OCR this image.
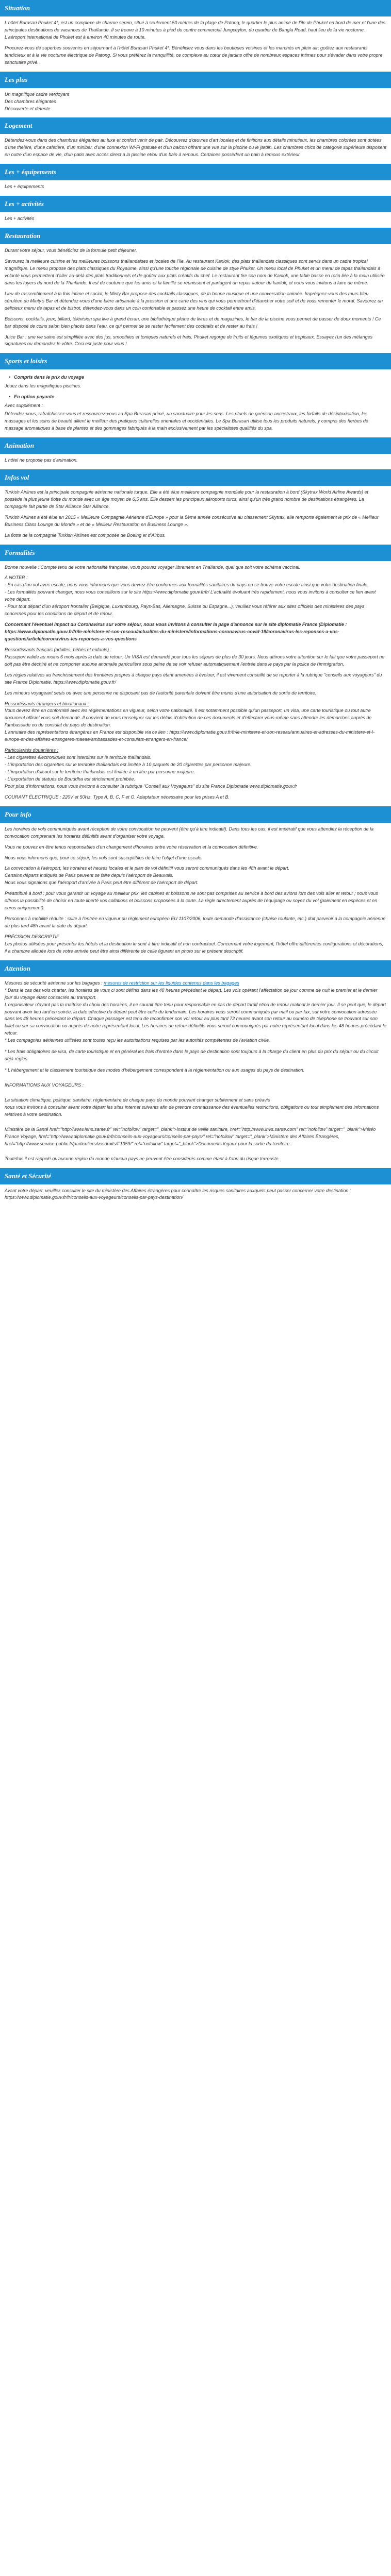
Situation

L'hôtel Burasari Phuket 4*, est un complexe de charme serein, situé à seulement 50 mètres de la plage de Patong, le quartier le plus animé de l'île de Phuket en bord de mer et l'une des principales destinations de vacances de Thaïlande. Il se trouve à 10 minutes à pied du centre commercial Jungceylon, du quartier de Bangla Road, haut lieu de la vie nocturne. L'aéroport international de Phuket est à environ 40 minutes de route.

Procurez-vous de superbes souvenirs en séjournant à l'hôtel Burasari Phuket 4*. Bénéficiez vous dans les boutiques voisines et les marchés en plein air; goûtez aux restaurants tendicieux et à la vie nocturne électrique de Patong. Si vous préférez la tranquillité, ce complexe au cœur de jardins offre de nombreux espaces intimes pour s'évader dans votre propre sanctuaire privé.

Les plus

Un magnifique cadre verdoyant

Des chambres élégantes

Découverte et détente

Logement

Détendez-vous dans des chambres élégantes au luxe et confort venir de pair. Découvrez d'œuvres d'art locales et de finitions aux détails minutieux, les chambres colorées sont dotées d'une théière, d'une cafetière, d'un minibar, d'une connexion Wi-Fi gratuite et d'un balcon offrant une vue sur la piscine ou le jardin. Les chambres chics de catégorie supérieure disposent en outre d'un espace de vie, d'un patio avec accès direct à la piscine et/ou d'un bain à remous. Certaines possèdent un bain à remous extérieur.

Les + équipements

Les + équipements

Les + activités

Les + activités

Restauration

Durant votre séjour, vous bénéficiez de la formule petit déjeuner.

Savourez la meilleure cuisine et les meilleures boissons thaïlandaises et locales de l'île. Au restaurant Kanlok, des plats thaïlandais classiques sont servis dans un cadre tropical magnifique. Le menu propose des plats classiques du Royaume, ainsi qu'une touche régionale de cuisine de style Phuket. Un menu local de Phuket et un menu de tapas thaïlandais à volonté vous permettent d'aller au-delà des plats traditionnels et de goûter aux plats créatifs du chef. Le restaurant tire son nom de Kanlok, une table basse en rotin liée à la main utilisée dans les foyers du nord de la Thaïlande. Il est de coutume que les amis et la famille se réunissent et partagent un repas autour du kanlok, et nous vous invitons à faire de même.

Lieu de rassemblement à la fois intime et social, le Minty Bar propose des cocktails classiques, de la bonne musique et une conversation animée. Imprégnez-vous des murs bleu céruléen du Minty's Bar et détendez-vous d'une bière artisanale à la pression et une carte des vins qui vous permettront d'étancher votre soif et de vous remonter le moral. Savourez un délicieux menu de tapas et de bistrot, détendez-vous dans un coin confortable et passez une heure de cocktail entre amis.

Boissons, cocktails, jeux, billard, télévision spa live à grand écran, une bibliothèque pleine de livres et de magazines, le bar de la piscine vous permet de passer de doux moments ! Ce bar disposé de coins salon bien placés dans l'eau, ce qui permet de se rester facilement des cocktails et de rester au frais !

Juice Bar : une vie saine est simplifiée avec des jus, smoothies et toniques naturels et frais. Phuket regorge de fruits et légumes exotiques et tropicaux. Essayez l'un des mélanges signatures ou demandez le vôtre. Ceci est juste pour vous !

Sports et loisirs
• Compris dans le prix du voyage

Jouez dans les magnifiques piscines.

• En option payante

Avec supplément :

Détendez-vous, rafraîchissez-vous et ressourcez-vous au Spa Burasari primé, un sanctuaire pour les sens. Les rituels de guérison ancestraux, les forfaits de désintoxication, les massages et les soins de beauté allient le meilleur des pratiques culturelles orientales et occidentales. Le Spa Burasari utilise tous les produits naturels, y compris des herbes de massage aromatiques à base de plantes et des gommages fabriqués à la main exclusivement par les spécialistes qualifiés du spa.

Animation

L'hôtel ne propose pas d'animation.

Infos vol

Turkish Airlines est la principale compagnie aérienne nationale turque. Elle a été élue meilleure compagnie mondiale pour la restauration à bord (Skytrax World Airline Awards) et possède la plus jeune flotte du monde avec un âge moyen de 6,5 ans. Elle dessert les principaux aéroports turcs, ainsi qu'un très grand nombre de destinations étrangères. La compagnie fait partie de Star Alliance Star Alliance.

Turkish Airlines a été élue en 2015 « Meilleure Compagnie Aérienne d'Europe » pour la 5ème année consécutive au classement Skytrax, elle remporte également le prix de « Meilleur Business Class Lounge du Monde » et de « Meilleur Restauration en Business Lounge ».

La flotte de la compagnie Turkish Airlines est composée de Boeing et d'Airbus.

Formalités

Bonne nouvelle : Compte tenu de votre nationalité française, vous pouvez voyager librement en Thaïlande, quel que soit votre schéma vaccinal.

A NOTER :

- En cas d'un vol avec escale, nous vous informons que vous devrez être conformes aux formalités sanitaires du pays où se trouve votre escale ainsi que votre destination finale.

- Les formalités pouvant changer, nous vous conseillons sur le site https://www.diplomatie.gouv.fr/fr/ L'actualité évoluant très rapidement, nous vous invitons à consulter ce lien avant votre départ.

- Pour tout départ d'un aéroport frontalier (Belgique, Luxembourg, Pays-Bas, Allemagne, Suisse ou Espagne...), veuillez vous référer aux sites officiels des ministères des pays concernés pour les conditions de départ et de retour.

Concernant l'éventuel impact du Coronavirus sur votre séjour, nous vous invitons à consulter la page d'annonce sur le site diplomatie France (Diplomatie : https://www.diplomatie.gouv.fr/fr/le-ministere-et-son-reseau/actualites-du-ministere/informations-coronavirus-covid-19/coronavirus-les-reponses-a-vos-questions/article/coronavirus-les-reponses-a-vos-questions

Ressortissants français (adultes, bébés et enfants) :

Passeport valide au moins 6 mois après la date de retour. Un VISA est demandé pour tous les séjours de plus de 30 jours. Nous attirons votre attention sur le fait que votre passeport ne doit pas être déchiré et ne comporter aucune anomalie particulière sous peine de se voir refuser automatiquement l'entrée dans le pays par la police de l'immigration.

Les règles relatives au franchissement des frontières propres à chaque pays étant amenées à évoluer, il est vivement conseillé de se reporter à la rubrique "conseils aux voyageurs" du site France Diplomatie. https://www.diplomatie.gouv.fr/

Les mineurs voyageant seuls ou avec une personne ne disposant pas de l'autorité parentale doivent être munis d'une autorisation de sortie de territoire.

Ressortissants étrangers et binationaux :

Vous devrez être en conformité avec les réglementations en vigueur, selon votre nationalité. Il est notamment possible qu'un passeport, un visa, une carte touristique ou tout autre document officiel vous soit demandé. Il convient de vous renseigner sur les délais d'obtention de ces documents et d'effectuer vous-même sans attendre les démarches auprès de l'ambassade ou du consulat du pays de destination.

L'annuaire des représentations étrangères en France est disponible via ce lien : https://www.diplomatie.gouv.fr/fr/le-ministere-et-son-reseau/annuaires-et-adresses-du-ministere-et-l-europe-et-des-affaires-etrangeres-maeae/ambassades-et-consulats-etrangers-en-france/

Particularités douanières :

- Les cigarettes électroniques sont interdites sur le territoire thaïlandais.

- L'importation des cigarettes sur le territoire thaïlandais est limitée à 10 paquets de 20 cigarettes par personne majeure.

- L'importation d'alcool sur le territoire thaïlandais est limitée à un litre par personne majeure.

- L'exportation de statues de Bouddha est strictement prohibée.

Pour plus d'informations, nous vous invitons à consulter la rubrique "Conseil aux Voyageurs" du site France Diplomatie www.diplomatie.gouv.fr

COURANT ÉLECTRIQUE : 220V et 50Hz. Type A, B, C, F et O. Adaptateur nécessaire pour les prises A et B.

Pour info

Les horaires de vols communiqués avant réception de votre convocation ne peuvent (être qu'à titre indicatif). Dans tous les cas, il est impératif que vous attendiez la réception de la convocation comprenant les horaires définitifs avant d'organiser votre voyage.

Vous ne pouvez en être tenus responsables d'un changement d'horaires entre votre réservation et la convocation définitive.

Nous vous informons que, pour ce séjour, les vols sont susceptibles de faire l'objet d'une escale.

La convocation à l'aéroport, les horaires et heures locales et le plan de vol définitif vous seront communiqués dans les 48h avant le départ.

Certains départs indiqués de Paris peuvent se faire depuis l'aéroport de Beauvais.

Nous vous signalons que l'aéroport d'arrivée à Paris peut être différent de l'aéroport de départ.

Préattribué à bord : pour vous garantir un voyage au meilleur prix, les cabines et boissons ne sont pas comprises au service à bord des avions lors des vols aller et retour ; nous vous offrons la possibilité de choisir en toute liberté vos collations et boissons proposées à la carte. La règle directement auprès de l'équipage ou soyez du vol (paiement en espèces et en euros uniquement).

Personnes à mobilité réduite : suite à l'entrée en vigueur du règlement européen EU 1107/2006, toute demande d'assistance (chaise roulante, etc.) doit parvenir à la compagnie aérienne au plus tard 48h avant la date du départ.

PRÉCISION DESCRIPTIF

Les photos utilisées pour présenter les hôtels et la destination le sont à titre indicatif et non contractuel. Concernant votre logement, l'hôtel offre différentes configurations et décorations, il a chambre allouée lors de votre arrivée peut être ainsi différente de celle figurant en photo sur le présent descriptif.

Attention

Mesures de sécurité aérienne sur les bagages : mesures de restriction sur les liquides contenus dans les bagages

* Dans le cas des vols charter, les horaires de vous ci sont définis dans les 48 heures précédant le départ. Les vols opérant l'affectation de jour comme de nuit le premier et le dernier jour du voyage étant consacrés au transport.

L'organisateur n'ayant pas la maîtrise du choix des horaires, il ne saurait être tenu pour responsable en cas de départ tardif et/ou de retour matinal le dernier jour. Il se peut que, le départ pouvant avoir lieu tard en soirée, la date effective du départ peut être celle du lendemain. Les horaires vous seront communiqués par mail ou par fax, sur votre convocation adressée dans les 48 heures précédant le départ. Chaque passager est tenu de reconfirmer son vol retour au plus tard 72 heures avant son retour au numéro de téléphone se trouvant sur son billet ou sur sa convocation ou auprès de notre représentant local. Les horaires de retour définitifs vous seront communiqués par notre représentant local dans les 48 heures précédant le retour.

* Les compagnies aériennes utilisées sont toutes reçu les autorisations requises par les autorités compétentes de l'aviation civile.

* Les frais obligatoires de visa, de carte touristique et en général les frais d'entrée dans le pays de destination sont toujours à la charge du client en plus du prix du séjour ou du circuit déjà réglés.

* L'hébergement et le classement touristique des modes d'hébergement correspondent à la réglementation ou aux usages du pays de destination.

INFORMATIONS AUX VOYAGEURS :

La situation climatique, politique, sanitaire, réglementaire de chaque pays du monde pouvant changer subitement et sans préavis

nous vous invitons à consulter avant votre départ les sites internet suivants afin de prendre connaissance des éventuelles restrictions, obligations ou tout simplement des informations relatives à votre destination.

Ministère de la Santé href="http://www.lens.sante.fr" rel="nofollow" target="_blank">Institut de veille sanitaire, href="http://www.invs.sante.com" rel="nofollow" target="_blank">Météo France Voyage, href="http://www.diplomatie.gouv.fr/fr/conseils-aux-voyageurs/conseils-par-pays/" rel="nofollow" target="_blank">Ministère des Affaires Étrangères, href="http://www.service-public.fr/particuliers/vosdroits/F1359/" rel="nofollow" target="_blank">Documents légaux pour la sortie du territoire.

Toutefois il est rappelé qu'aucune région du monde n'aucun pays ne peuvent être considérés comme étant à l'abri du risque terroriste.

Santé et Sécurité

Avant votre départ, veuillez consulter le site du ministère des Affaires étrangères pour connaître les risques sanitaires auxquels peut passer concerner votre destination : https://www.diplomatie.gouv.fr/fr/conseils-aux-voyageurs/conseils-par-pays-destination/
